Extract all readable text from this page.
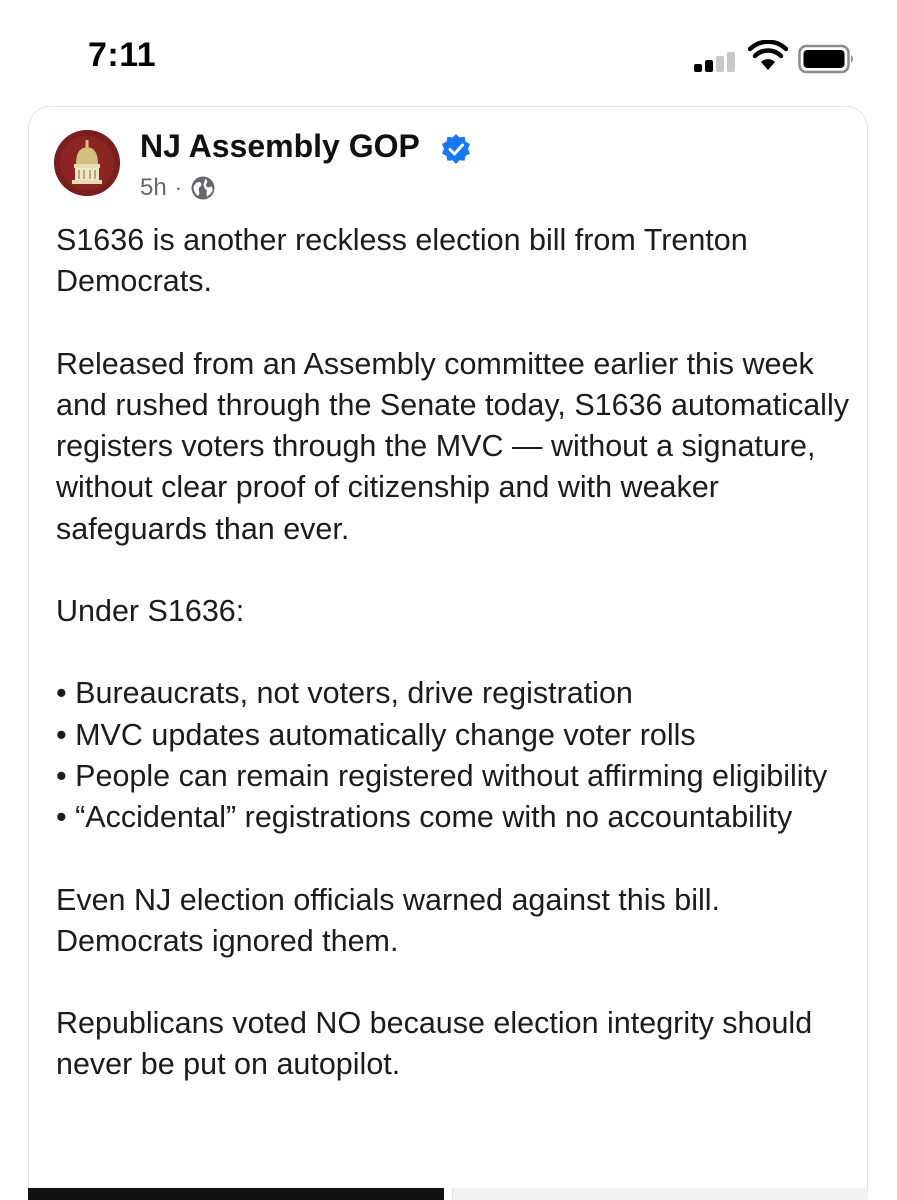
7:11
NJ Assembly GOP
5h ·

S1636 is another reckless election bill from Trenton Democrats.

Released from an Assembly committee earlier this week and rushed through the Senate today, S1636 automatically registers voters through the MVC — without a signature, without clear proof of citizenship and with weaker safeguards than ever.

Under S1636:

• Bureaucrats, not voters, drive registration
• MVC updates automatically change voter rolls
• People can remain registered without affirming eligibility
• “Accidental” registrations come with no accountability

Even NJ election officials warned against this bill. Democrats ignored them.

Republicans voted NO because election integrity should never be put on autopilot.
